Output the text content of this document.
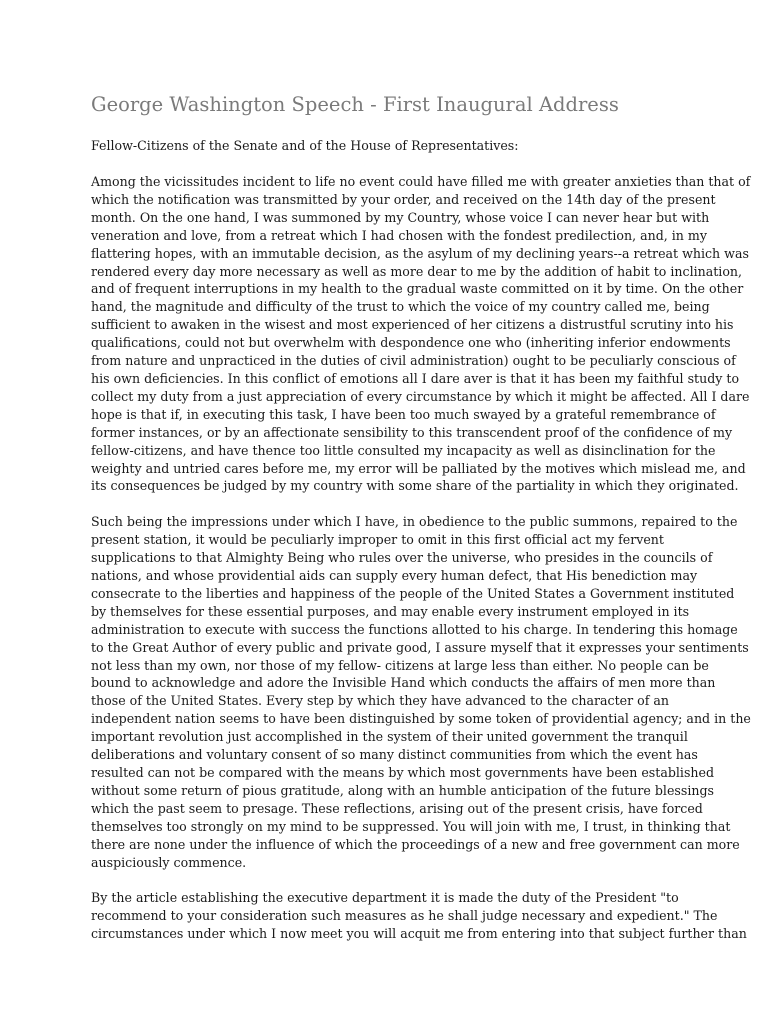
George Washington Speech - First Inaugural Address

Fellow-Citizens of the Senate and of the House of Representatives:

Among the vicissitudes incident to life no event could have filled me with greater anxieties than that of which the notification was transmitted by your order, and received on the 14th day of the present month. On the one hand, I was summoned by my Country, whose voice I can never hear but with veneration and love, from a retreat which I had chosen with the fondest predilection, and, in my flattering hopes, with an immutable decision, as the asylum of my declining years--a retreat which was rendered every day more necessary as well as more dear to me by the addition of habit to inclination, and of frequent interruptions in my health to the gradual waste committed on it by time. On the other hand, the magnitude and difficulty of the trust to which the voice of my country called me, being sufficient to awaken in the wisest and most experienced of her citizens a distrustful scrutiny into his qualifications, could not but overwhelm with despondence one who (inheriting inferior endowments from nature and unpracticed in the duties of civil administration) ought to be peculiarly conscious of his own deficiencies. In this conflict of emotions all I dare aver is that it has been my faithful study to collect my duty from a just appreciation of every circumstance by which it might be affected. All I dare hope is that if, in executing this task, I have been too much swayed by a grateful remembrance of former instances, or by an affectionate sensibility to this transcendent proof of the confidence of my fellow-citizens, and have thence too little consulted my incapacity as well as disinclination for the weighty and untried cares before me, my error will be palliated by the motives which mislead me, and its consequences be judged by my country with some share of the partiality in which they originated.

Such being the impressions under which I have, in obedience to the public summons, repaired to the present station, it would be peculiarly improper to omit in this first official act my fervent supplications to that Almighty Being who rules over the universe, who presides in the councils of nations, and whose providential aids can supply every human defect, that His benediction may consecrate to the liberties and happiness of the people of the United States a Government instituted by themselves for these essential purposes, and may enable every instrument employed in its administration to execute with success the functions allotted to his charge. In tendering this homage to the Great Author of every public and private good, I assure myself that it expresses your sentiments not less than my own, nor those of my fellow- citizens at large less than either. No people can be bound to acknowledge and adore the Invisible Hand which conducts the affairs of men more than those of the United States. Every step by which they have advanced to the character of an independent nation seems to have been distinguished by some token of providential agency; and in the important revolution just accomplished in the system of their united government the tranquil deliberations and voluntary consent of so many distinct communities from which the event has resulted can not be compared with the means by which most governments have been established without some return of pious gratitude, along with an humble anticipation of the future blessings which the past seem to presage. These reflections, arising out of the present crisis, have forced themselves too strongly on my mind to be suppressed. You will join with me, I trust, in thinking that there are none under the influence of which the proceedings of a new and free government can more auspiciously commence.

By the article establishing the executive department it is made the duty of the President "to recommend to your consideration such measures as he shall judge necessary and expedient." The circumstances under which I now meet you will acquit me from entering into that subject further than
